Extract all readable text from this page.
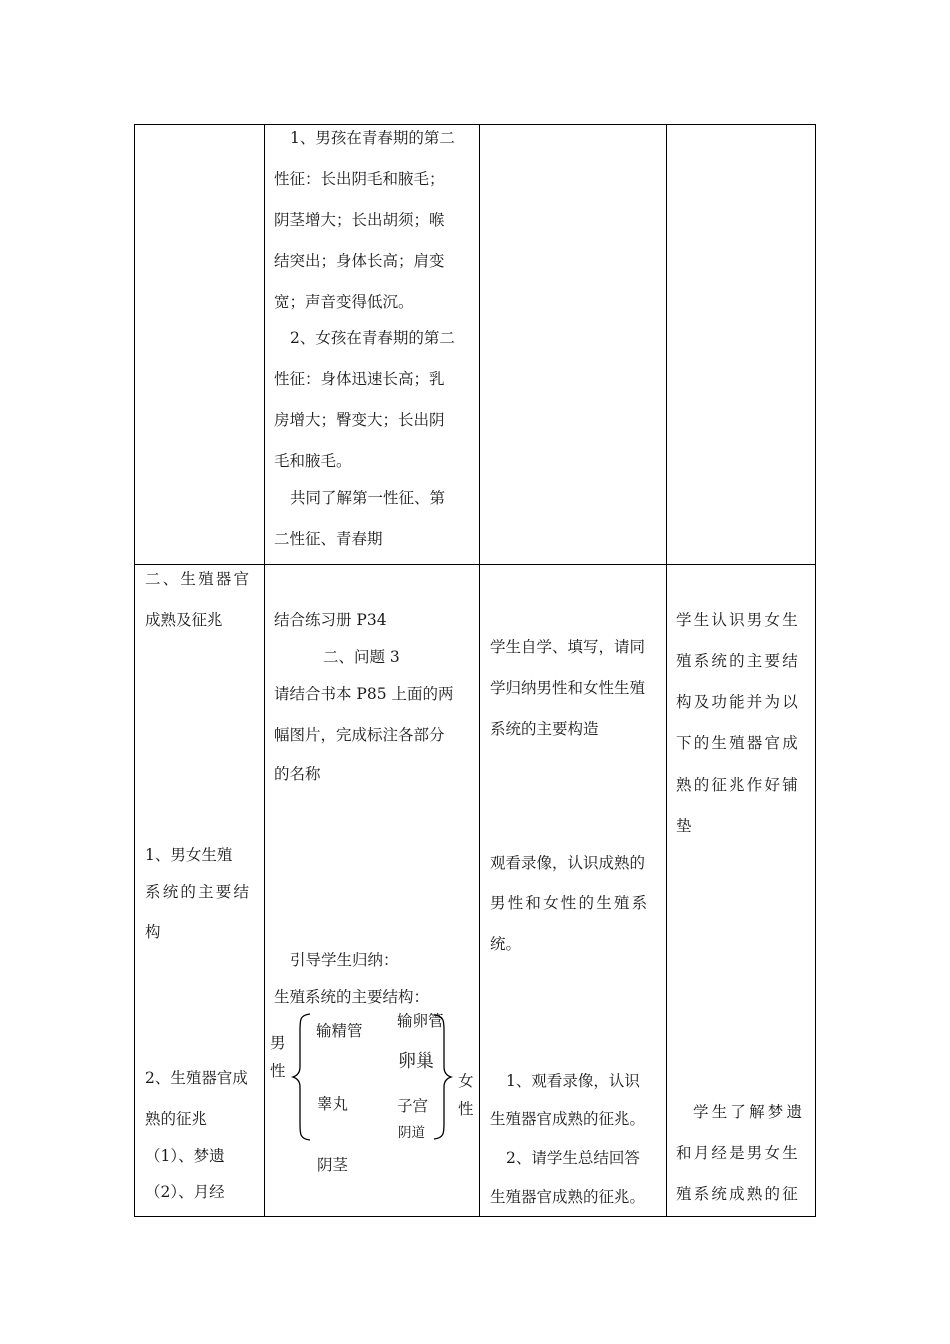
1、男孩在青春期的第二
性征：长出阴毛和腋毛；
阴茎增大；长出胡须；喉
结突出；身体长高；肩变
宽；声音变得低沉。
2、女孩在青春期的第二
性征：身体迅速长高；乳
房增大；臀变大；长出阴
毛和腋毛。
共同了解第一性征、第
二性征、青春期
二、生殖器官
成熟及征兆
1、男女生殖
系统的主要结
构
2、生殖器官成
熟的征兆
（1）、梦遗
（2）、月经
结合练习册 P34
二、问题 3
请结合书本 P85 上面的两
幅图片，完成标注各部分
的名称
引导学生归纳：
生殖系统的主要结构：
男
性
输精管
睾丸
阴茎
输卵管
卵巢
子宫
阴道
女
性
学生自学、填写，请同
学归纳男性和女性生殖
系统的主要构造
观看录像，认识成熟的
男性和女性的生殖系
统。
1、观看录像，认识
生殖器官成熟的征兆。
2、请学生总结回答
生殖器官成熟的征兆。
学生认识男女生
殖系统的主要结
构及功能并为以
下的生殖器官成
熟的征兆作好铺
垫
学生了解梦遗
和月经是男女生
殖系统成熟的征
